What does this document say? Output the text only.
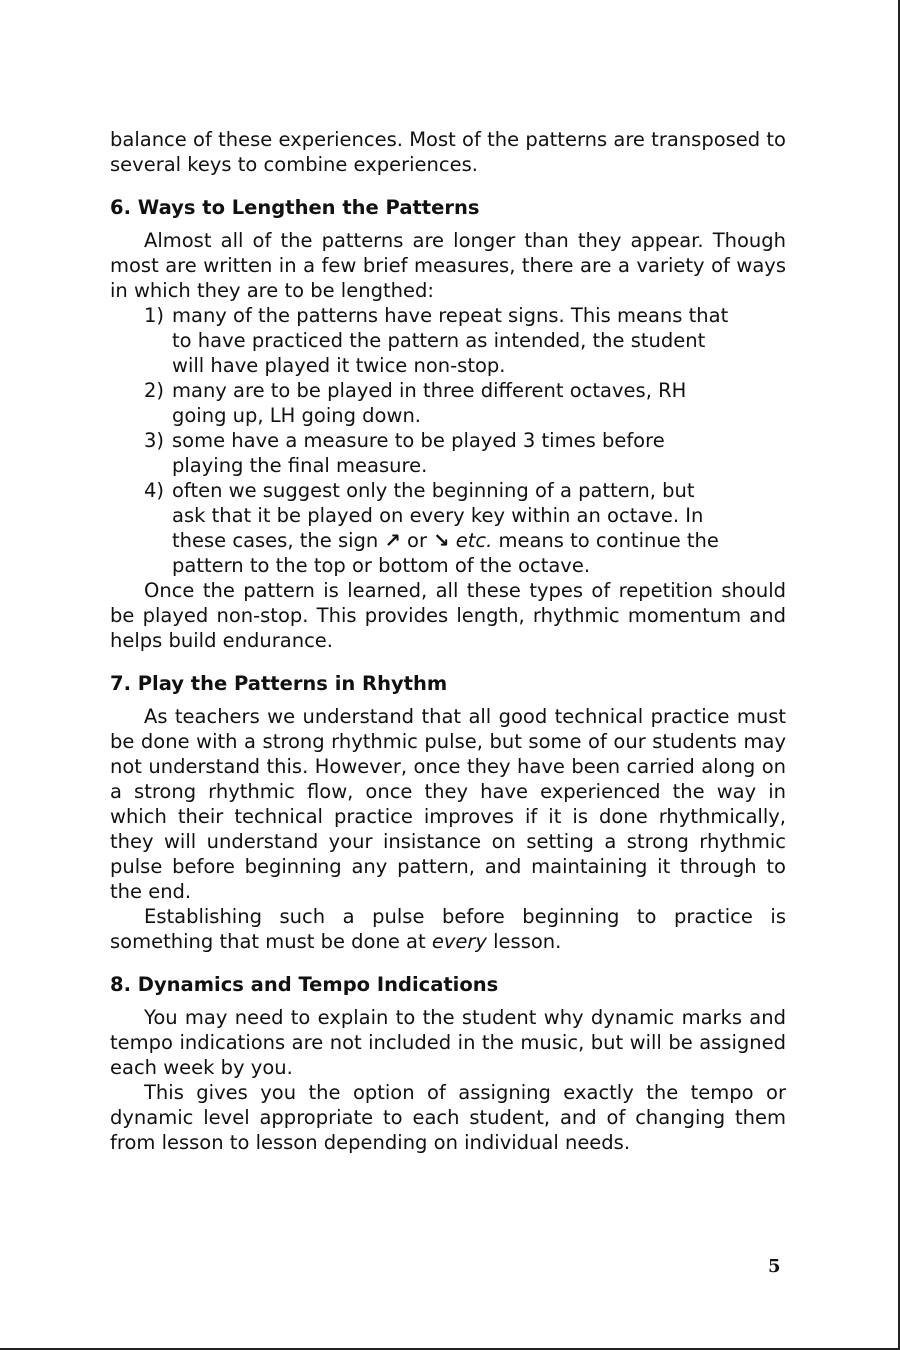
balance of these experiences. Most of the patterns are transposed to several keys to combine experiences.

6. Ways to Lengthen the Patterns

Almost all of the patterns are longer than they appear. Though most are written in a few brief measures, there are a variety of ways in which they are to be lengthed:

1) many of the patterns have repeat signs. This means that to have practiced the pattern as intended, the student will have played it twice non-stop.
2) many are to be played in three different octaves, RH going up, LH going down.
3) some have a measure to be played 3 times before playing the final measure.
4) often we suggest only the beginning of a pattern, but ask that it be played on every key within an octave. In these cases, the sign ↗ or ↘ etc. means to continue the pattern to the top or bottom of the octave.

Once the pattern is learned, all these types of repetition should be played non-stop. This provides length, rhythmic momentum and helps build endurance.

7. Play the Patterns in Rhythm

As teachers we understand that all good technical practice must be done with a strong rhythmic pulse, but some of our students may not understand this. However, once they have been carried along on a strong rhythmic flow, once they have experienced the way in which their technical practice improves if it is done rhythmically, they will understand your insistance on setting a strong rhythmic pulse before beginning any pattern, and maintaining it through to the end.

Establishing such a pulse before beginning to practice is something that must be done at every lesson.

8. Dynamics and Tempo Indications

You may need to explain to the student why dynamic marks and tempo indications are not included in the music, but will be assigned each week by you.

This gives you the option of assigning exactly the tempo or dynamic level appropriate to each student, and of changing them from lesson to lesson depending on individual needs.

5
